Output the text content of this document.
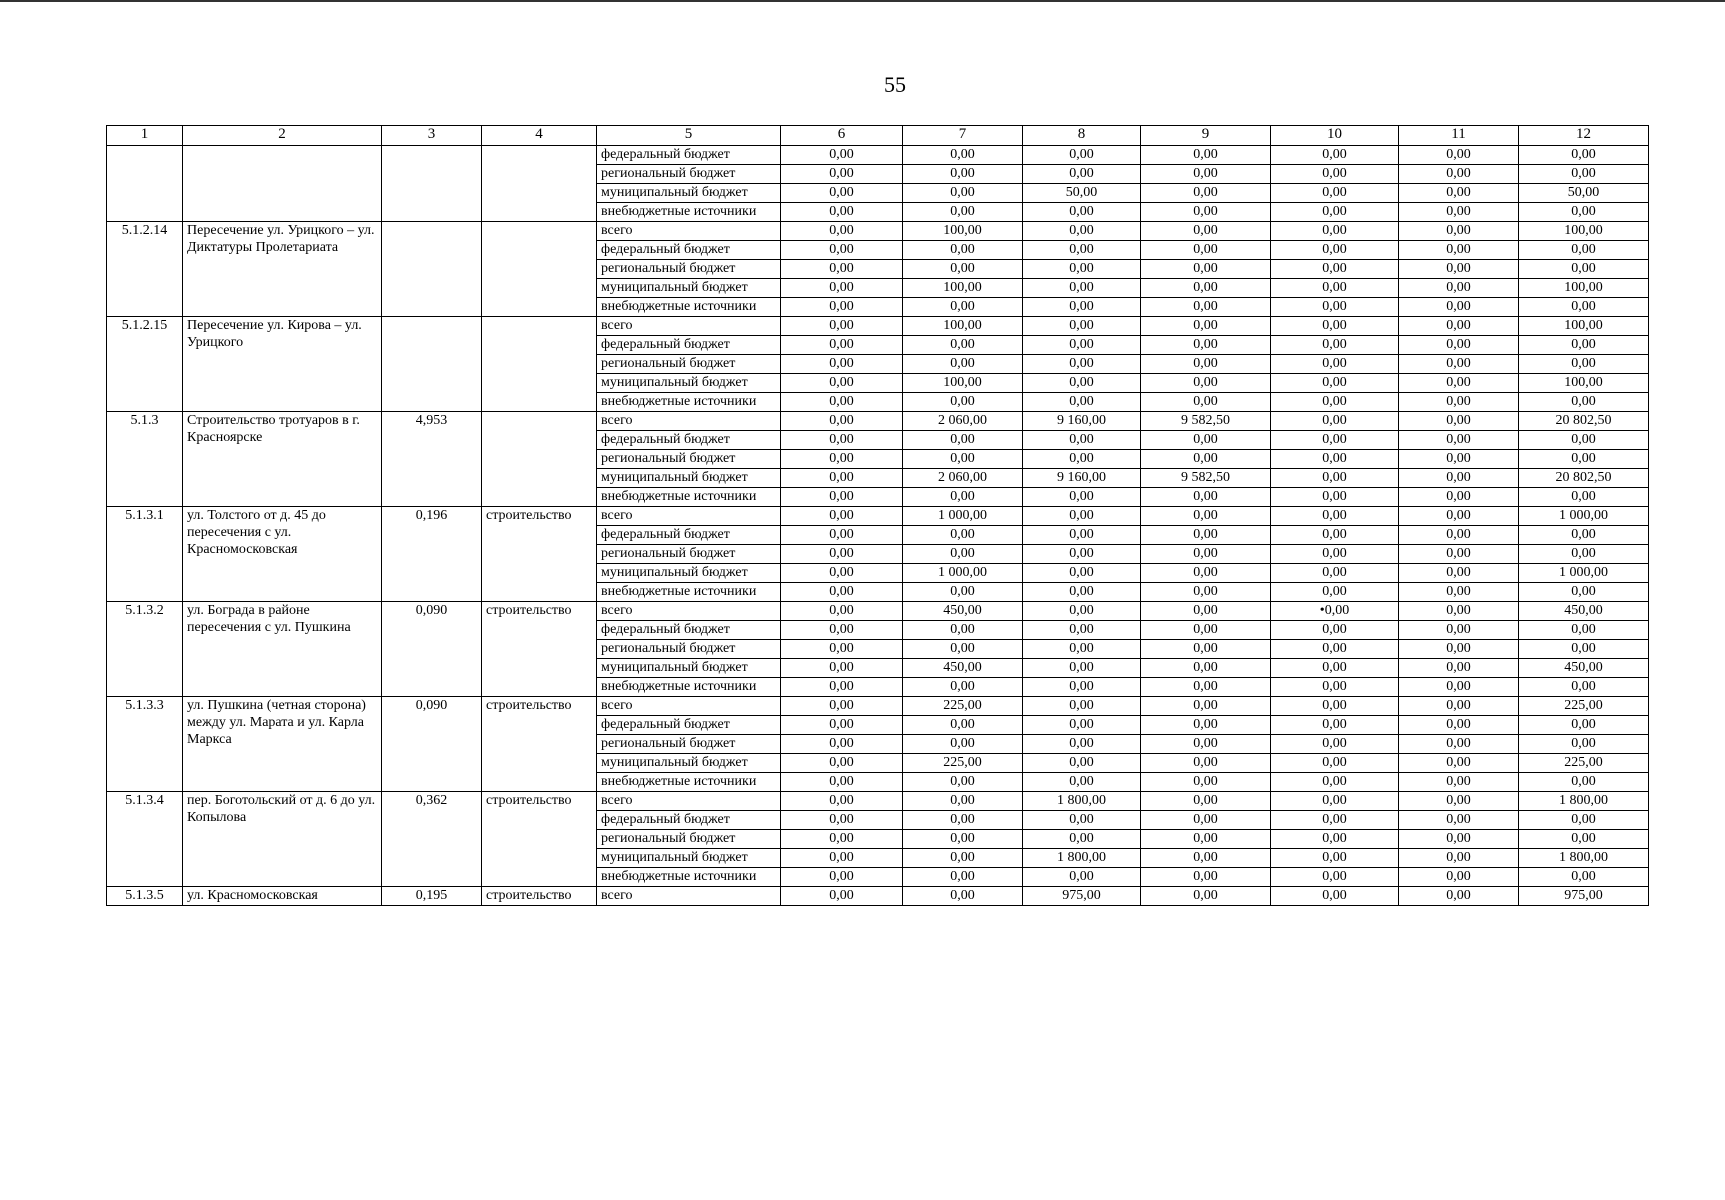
55
1	2	3	4	5	6	7	8	9	10	11	12
				федеральный бюджет	0,00	0,00	0,00	0,00	0,00	0,00	0,00
				региональный бюджет	0,00	0,00	0,00	0,00	0,00	0,00	0,00
				муниципальный бюджет	0,00	0,00	50,00	0,00	0,00	0,00	50,00
				внебюджетные источники	0,00	0,00	0,00	0,00	0,00	0,00	0,00
5.1.2.14	Пересечение ул. Урицкого – ул. Диктатуры Пролетариата			всего	0,00	100,00	0,00	0,00	0,00	0,00	100,00
				федеральный бюджет	0,00	0,00	0,00	0,00	0,00	0,00	0,00
				региональный бюджет	0,00	0,00	0,00	0,00	0,00	0,00	0,00
				муниципальный бюджет	0,00	100,00	0,00	0,00	0,00	0,00	100,00
				внебюджетные источники	0,00	0,00	0,00	0,00	0,00	0,00	0,00
5.1.2.15	Пересечение ул. Кирова – ул. Урицкого			всего	0,00	100,00	0,00	0,00	0,00	0,00	100,00
				федеральный бюджет	0,00	0,00	0,00	0,00	0,00	0,00	0,00
				региональный бюджет	0,00	0,00	0,00	0,00	0,00	0,00	0,00
				муниципальный бюджет	0,00	100,00	0,00	0,00	0,00	0,00	100,00
				внебюджетные источники	0,00	0,00	0,00	0,00	0,00	0,00	0,00
5.1.3	Строительство тротуаров в г. Красноярске	4,953		всего	0,00	2 060,00	9 160,00	9 582,50	0,00	0,00	20 802,50
				федеральный бюджет	0,00	0,00	0,00	0,00	0,00	0,00	0,00
				региональный бюджет	0,00	0,00	0,00	0,00	0,00	0,00	0,00
				муниципальный бюджет	0,00	2 060,00	9 160,00	9 582,50	0,00	0,00	20 802,50
				внебюджетные источники	0,00	0,00	0,00	0,00	0,00	0,00	0,00
5.1.3.1	ул. Толстого от д. 45 до пересечения с ул. Красномосковская	0,196	строительство	всего	0,00	1 000,00	0,00	0,00	0,00	0,00	1 000,00
				федеральный бюджет	0,00	0,00	0,00	0,00	0,00	0,00	0,00
				региональный бюджет	0,00	0,00	0,00	0,00	0,00	0,00	0,00
				муниципальный бюджет	0,00	1 000,00	0,00	0,00	0,00	0,00	1 000,00
				внебюджетные источники	0,00	0,00	0,00	0,00	0,00	0,00	0,00
5.1.3.2	ул. Бограда в районе пересечения с ул. Пушкина	0,090	строительство	всего	0,00	450,00	0,00	0,00	•0,00	0,00	450,00
				федеральный бюджет	0,00	0,00	0,00	0,00	0,00	0,00	0,00
				региональный бюджет	0,00	0,00	0,00	0,00	0,00	0,00	0,00
				муниципальный бюджет	0,00	450,00	0,00	0,00	0,00	0,00	450,00
				внебюджетные источники	0,00	0,00	0,00	0,00	0,00	0,00	0,00
5.1.3.3	ул. Пушкина (четная сторона) между ул. Марата и ул. Карла Маркса	0,090	строительство	всего	0,00	225,00	0,00	0,00	0,00	0,00	225,00
				федеральный бюджет	0,00	0,00	0,00	0,00	0,00	0,00	0,00
				региональный бюджет	0,00	0,00	0,00	0,00	0,00	0,00	0,00
				муниципальный бюджет	0,00	225,00	0,00	0,00	0,00	0,00	225,00
				внебюджетные источники	0,00	0,00	0,00	0,00	0,00	0,00	0,00
5.1.3.4	пер. Боготольский от д. 6 до ул. Копылова	0,362	строительство	всего	0,00	0,00	1 800,00	0,00	0,00	0,00	1 800,00
				федеральный бюджет	0,00	0,00	0,00	0,00	0,00	0,00	0,00
				региональный бюджет	0,00	0,00	0,00	0,00	0,00	0,00	0,00
				муниципальный бюджет	0,00	0,00	1 800,00	0,00	0,00	0,00	1 800,00
				внебюджетные источники	0,00	0,00	0,00	0,00	0,00	0,00	0,00
5.1.3.5	ул. Красномосковская	0,195	строительство	всего	0,00	0,00	975,00	0,00	0,00	0,00	975,00
